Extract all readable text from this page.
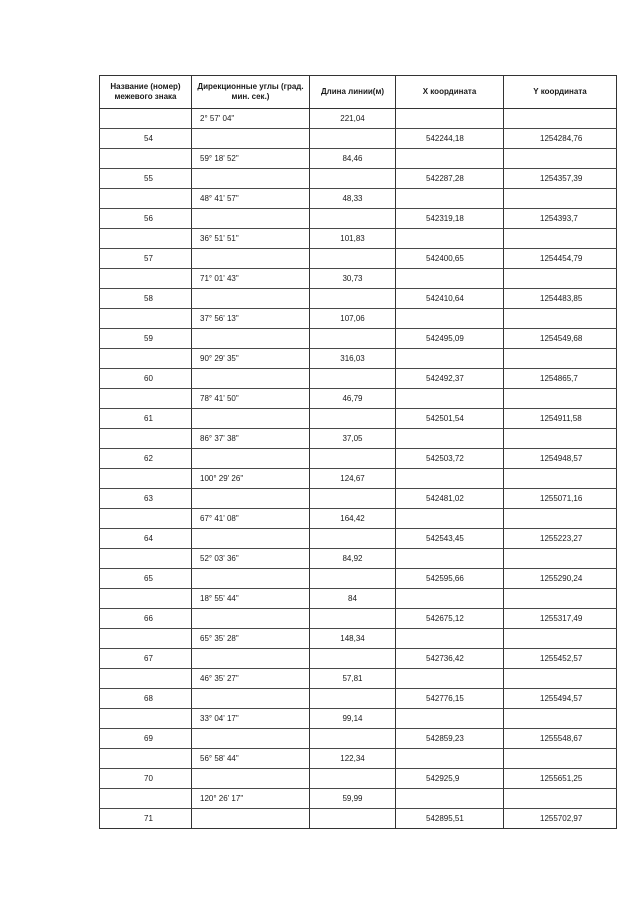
Название (номер) межевого знака	Дирекционные углы (град. мин. сек.)	Длина линии(м)	X координата	Y координата
	2° 57' 04"	221,04		
54			542244,18	1254284,76
	59° 18' 52"	84,46		
55			542287,28	1254357,39
	48° 41' 57"	48,33		
56			542319,18	1254393,7
	36° 51' 51"	101,83		
57			542400,65	1254454,79
	71° 01' 43"	30,73		
58			542410,64	1254483,85
	37° 56' 13"	107,06		
59			542495,09	1254549,68
	90° 29' 35"	316,03		
60			542492,37	1254865,7
	78° 41' 50"	46,79		
61			542501,54	1254911,58
	86° 37' 38"	37,05		
62			542503,72	1254948,57
	100° 29' 26"	124,67		
63			542481,02	1255071,16
	67° 41' 08"	164,42		
64			542543,45	1255223,27
	52° 03' 36"	84,92		
65			542595,66	1255290,24
	18° 55' 44"	84		
66			542675,12	1255317,49
	65° 35' 28"	148,34		
67			542736,42	1255452,57
	46° 35' 27"	57,81		
68			542776,15	1255494,57
	33° 04' 17"	99,14		
69			542859,23	1255548,67
	56° 58' 44"	122,34		
70			542925,9	1255651,25
	120° 26' 17"	59,99		
71			542895,51	1255702,97
